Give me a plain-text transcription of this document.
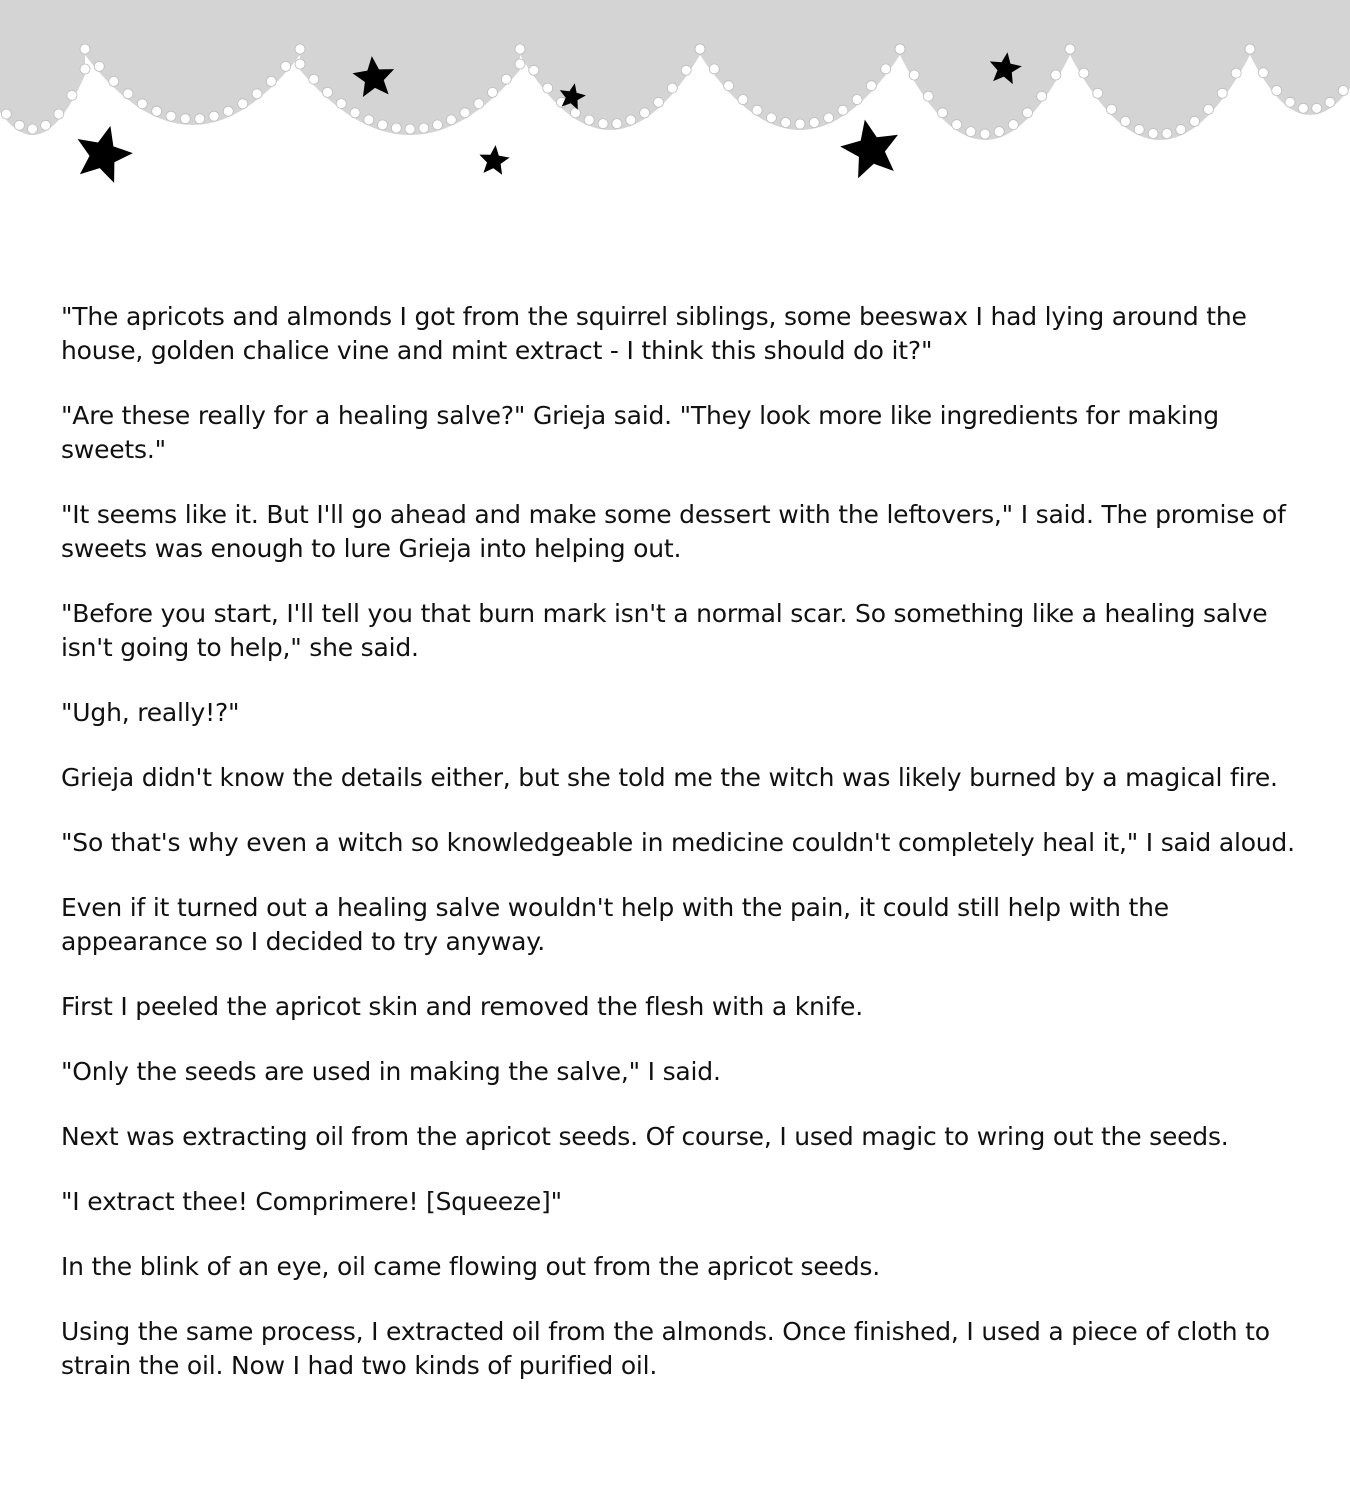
"The apricots and almonds I got from the squirrel siblings, some beeswax I had lying around the house, golden chalice vine and mint extract - I think this should do it?"

"Are these really for a healing salve?" Grieja said. "They look more like ingredients for making sweets."

"It seems like it. But I'll go ahead and make some dessert with the leftovers," I said. The promise of sweets was enough to lure Grieja into helping out.

"Before you start, I'll tell you that burn mark isn't a normal scar. So something like a healing salve isn't going to help," she said.

"Ugh, really!?"

Grieja didn't know the details either, but she told me the witch was likely burned by a magical fire.

"So that's why even a witch so knowledgeable in medicine couldn't completely heal it," I said aloud.

Even if it turned out a healing salve wouldn't help with the pain, it could still help with the appearance so I decided to try anyway.

First I peeled the apricot skin and removed the flesh with a knife.

"Only the seeds are used in making the salve," I said.

Next was extracting oil from the apricot seeds. Of course, I used magic to wring out the seeds.

"I extract thee! Comprimere! [Squeeze]"

In the blink of an eye, oil came flowing out from the apricot seeds.

Using the same process, I extracted oil from the almonds. Once finished, I used a piece of cloth to strain the oil. Now I had two kinds of purified oil.
